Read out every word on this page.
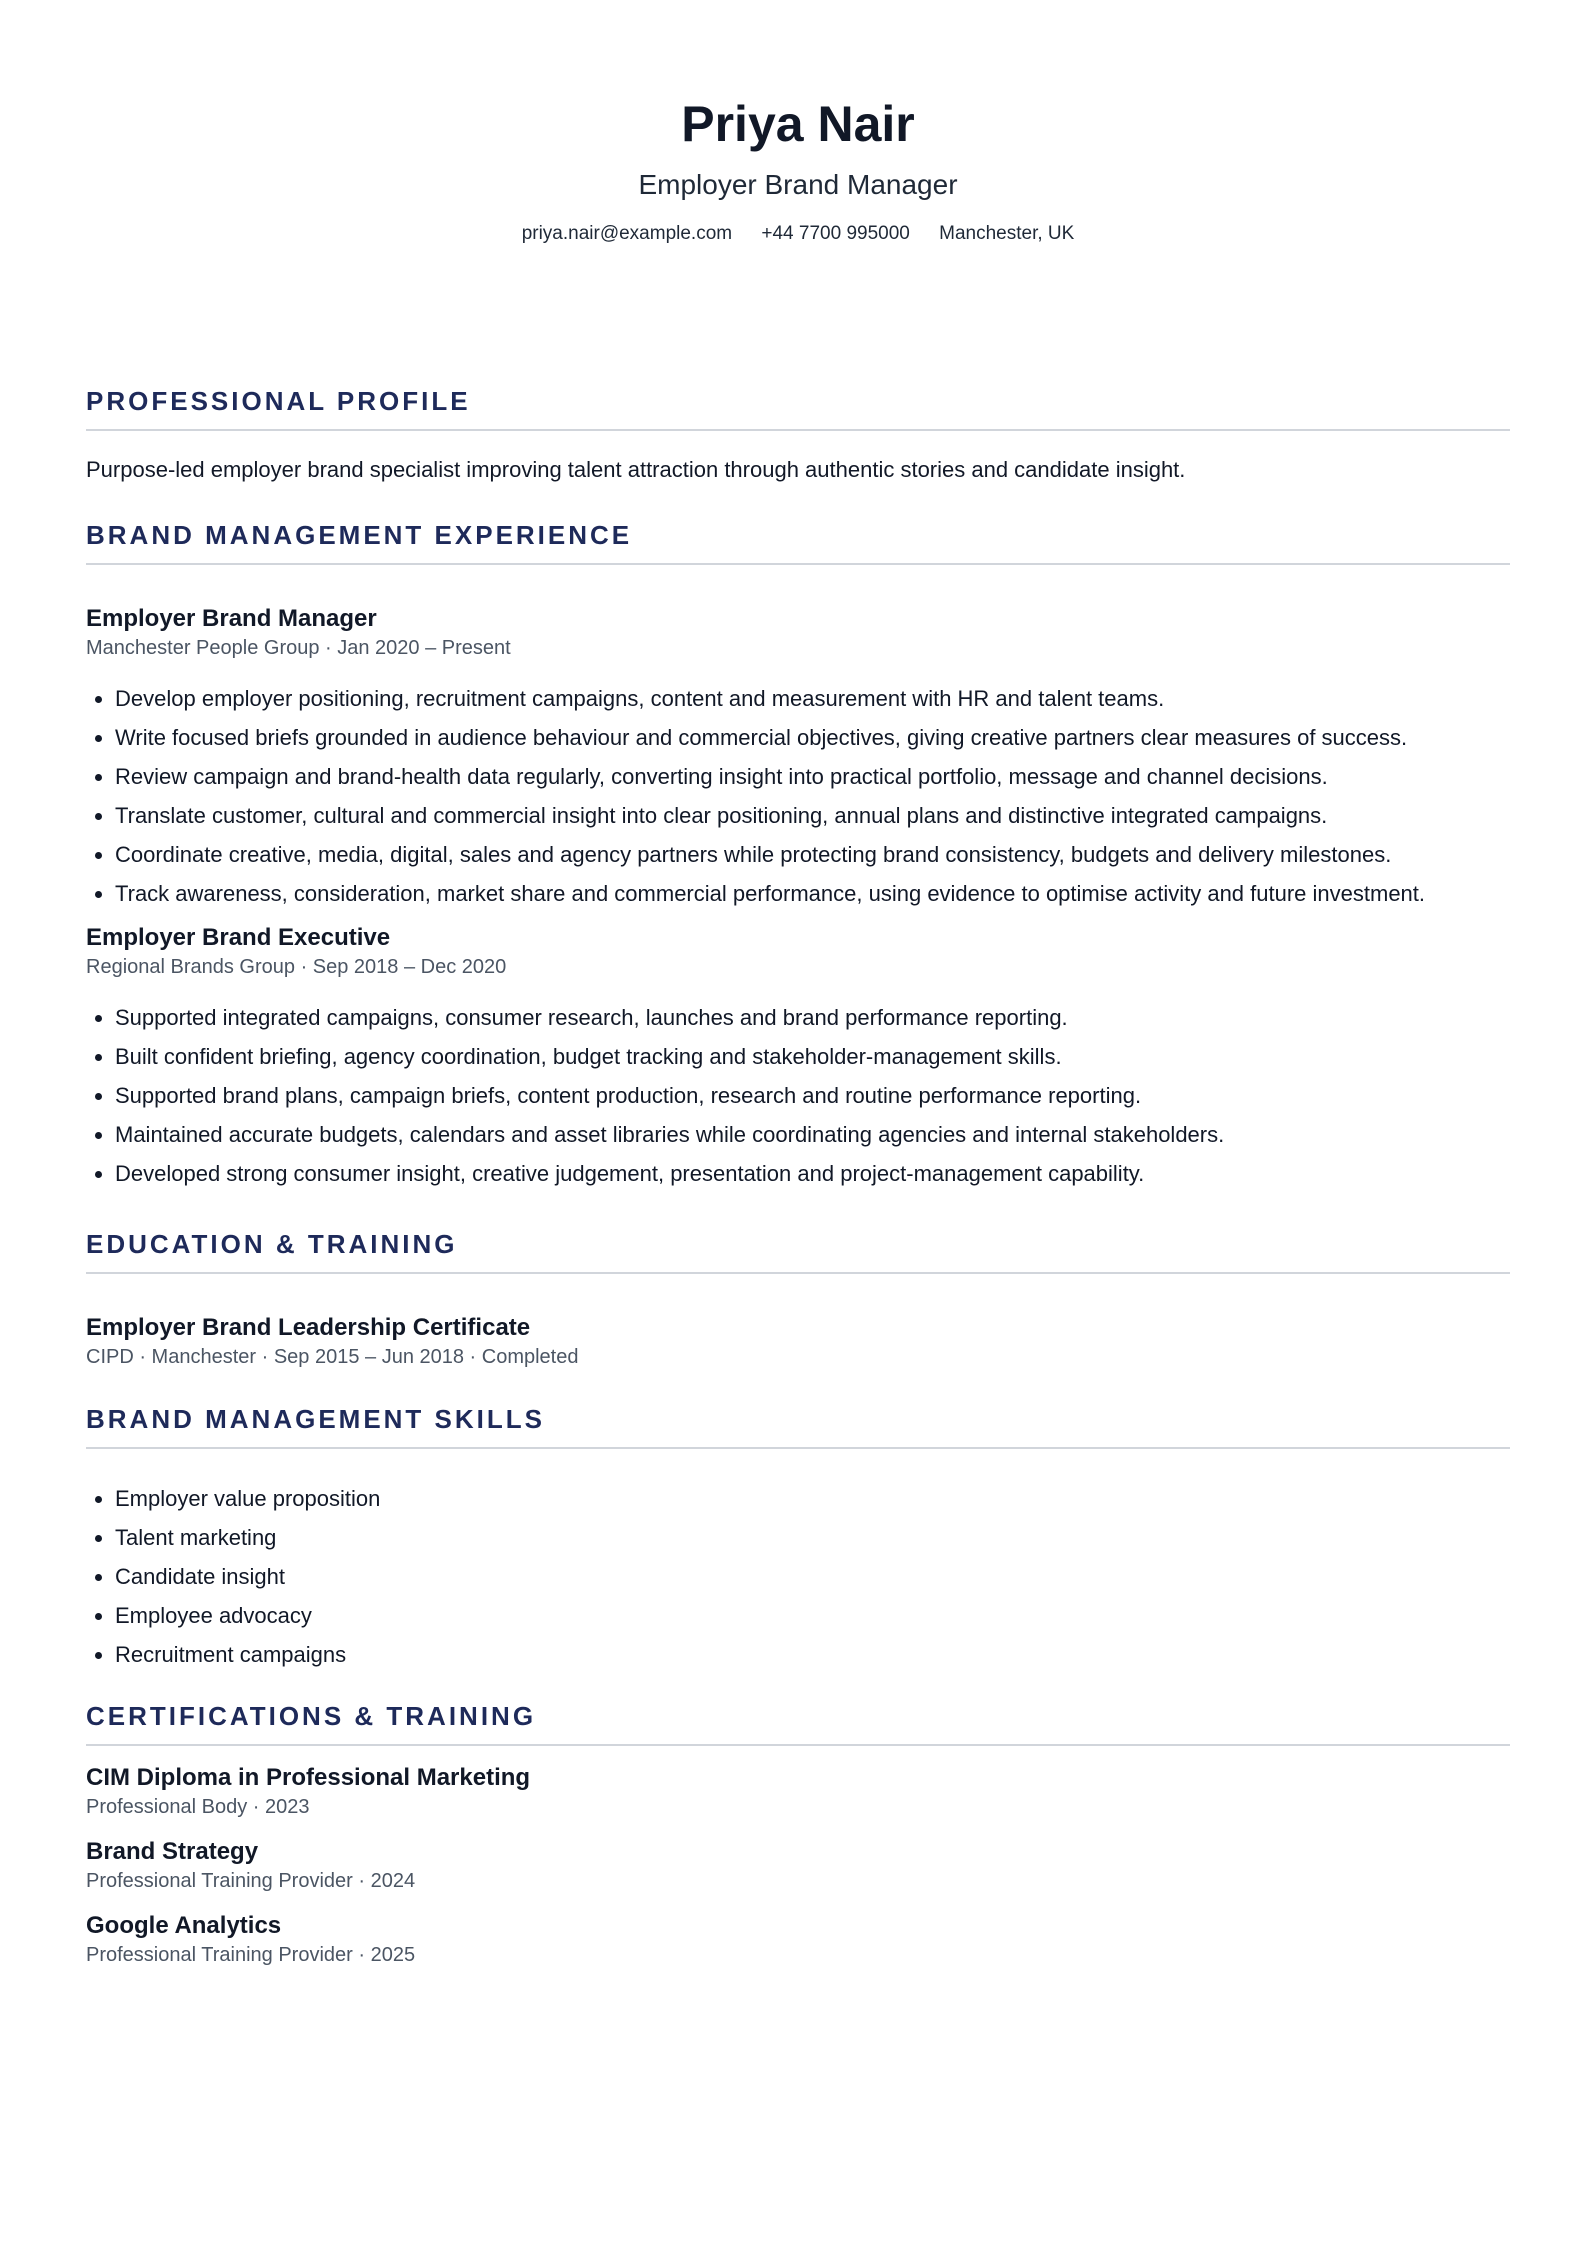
Priya Nair
Employer Brand Manager
priya.nair@example.com +44 7700 995000 Manchester, UK
PROFESSIONAL PROFILE
Purpose-led employer brand specialist improving talent attraction through authentic stories and candidate insight.
BRAND MANAGEMENT EXPERIENCE
Employer Brand Manager
Manchester People Group · Jan 2020 – Present
• Develop employer positioning, recruitment campaigns, content and measurement with HR and talent teams.
• Write focused briefs grounded in audience behaviour and commercial objectives, giving creative partners clear measures of success.
• Review campaign and brand-health data regularly, converting insight into practical portfolio, message and channel decisions.
• Translate customer, cultural and commercial insight into clear positioning, annual plans and distinctive integrated campaigns.
• Coordinate creative, media, digital, sales and agency partners while protecting brand consistency, budgets and delivery milestones.
• Track awareness, consideration, market share and commercial performance, using evidence to optimise activity and future investment.
Employer Brand Executive
Regional Brands Group · Sep 2018 – Dec 2020
• Supported integrated campaigns, consumer research, launches and brand performance reporting.
• Built confident briefing, agency coordination, budget tracking and stakeholder-management skills.
• Supported brand plans, campaign briefs, content production, research and routine performance reporting.
• Maintained accurate budgets, calendars and asset libraries while coordinating agencies and internal stakeholders.
• Developed strong consumer insight, creative judgement, presentation and project-management capability.
EDUCATION & TRAINING
Employer Brand Leadership Certificate
CIPD · Manchester · Sep 2015 – Jun 2018 · Completed
BRAND MANAGEMENT SKILLS
• Employer value proposition
• Talent marketing
• Candidate insight
• Employee advocacy
• Recruitment campaigns
CERTIFICATIONS & TRAINING
CIM Diploma in Professional Marketing
Professional Body · 2023
Brand Strategy
Professional Training Provider · 2024
Google Analytics
Professional Training Provider · 2025
